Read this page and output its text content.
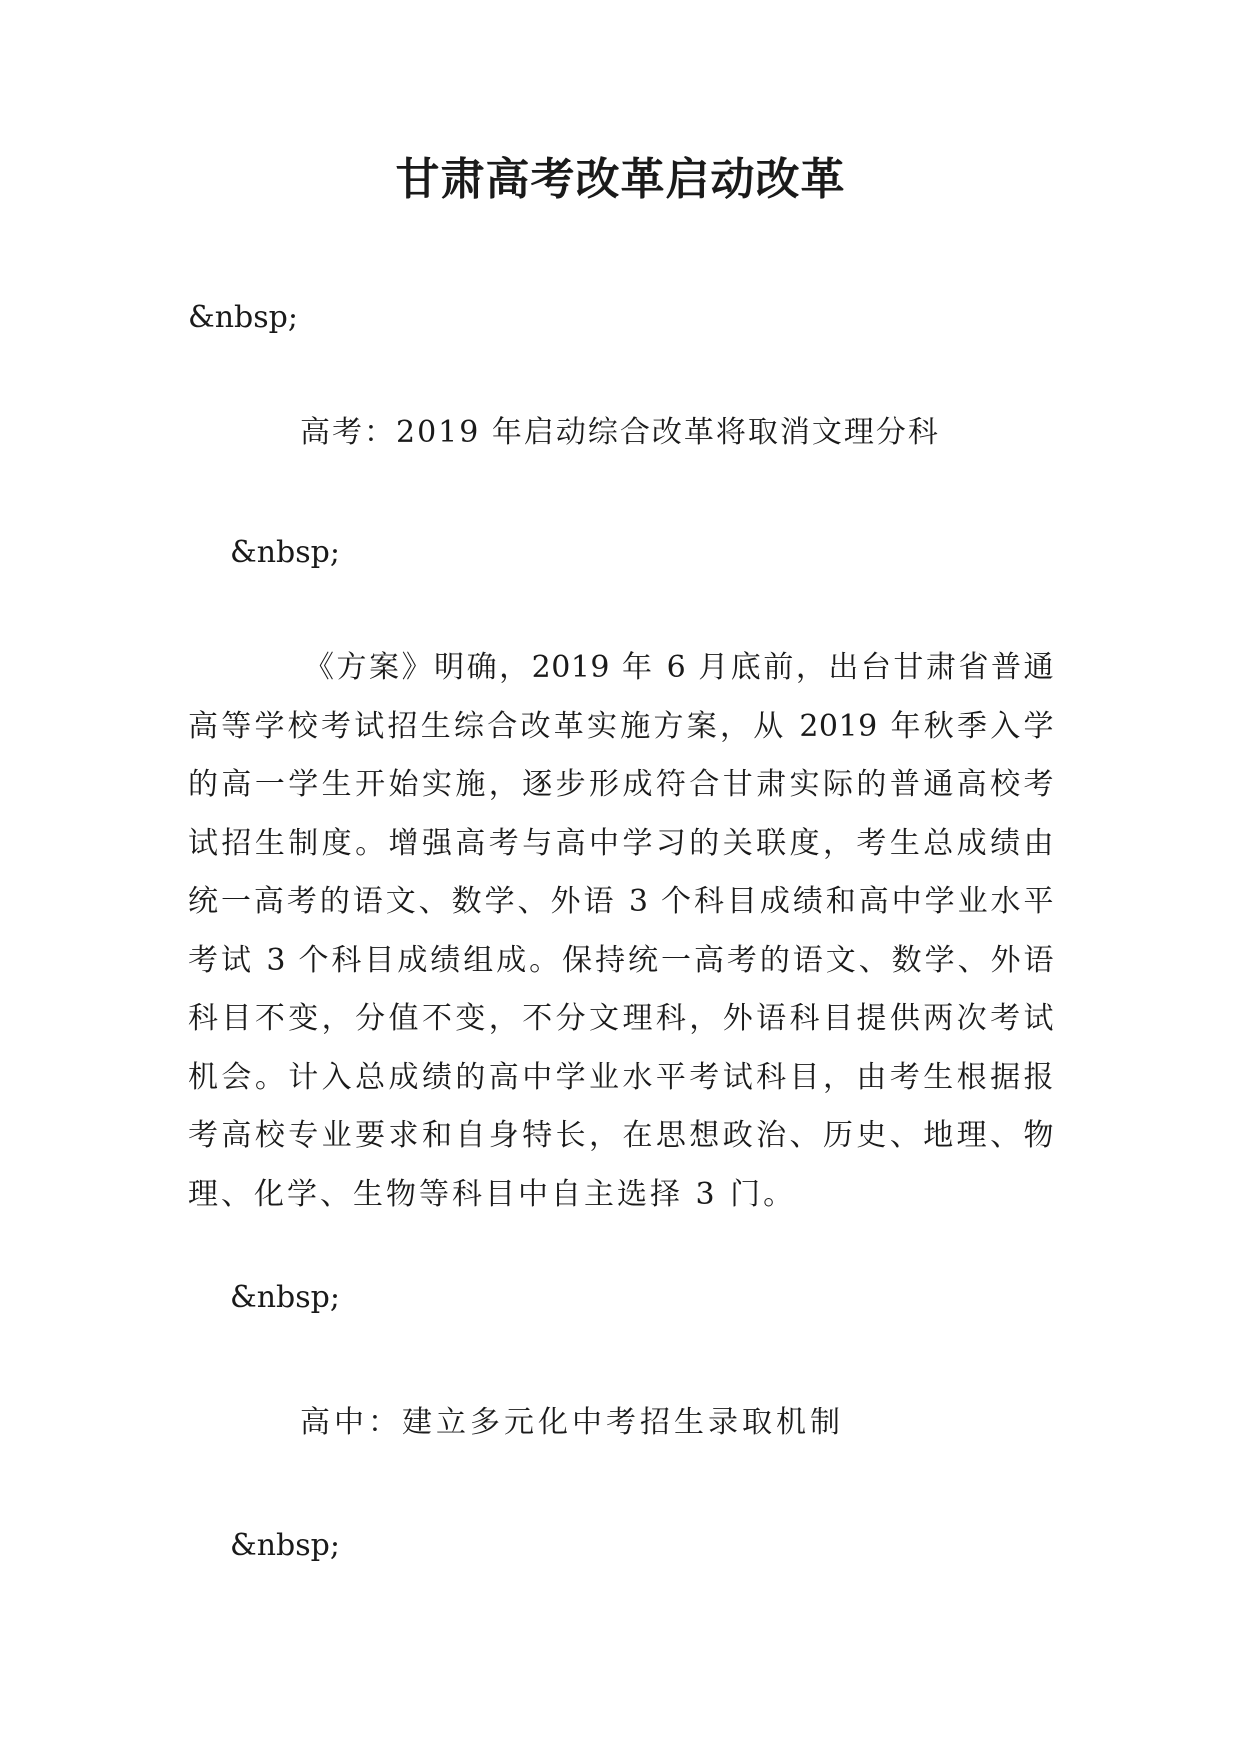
甘肃高考改革启动改革

&nbsp;

高考：2019 年启动综合改革将取消文理分科

&nbsp;

《方案》明确，2019 年 6 月底前，出台甘肃省普通
高等学校考试招生综合改革实施方案，从 2019 年秋季入学
的高一学生开始实施，逐步形成符合甘肃实际的普通高校考
试招生制度。增强高考与高中学习的关联度，考生总成绩由
统一高考的语文、数学、外语 3 个科目成绩和高中学业水平
考试 3 个科目成绩组成。保持统一高考的语文、数学、外语
科目不变，分值不变，不分文理科，外语科目提供两次考试
机会。计入总成绩的高中学业水平考试科目，由考生根据报
考高校专业要求和自身特长，在思想政治、历史、地理、物
理、化学、生物等科目中自主选择 3 门。

&nbsp;

高中：建立多元化中考招生录取机制

&nbsp;
